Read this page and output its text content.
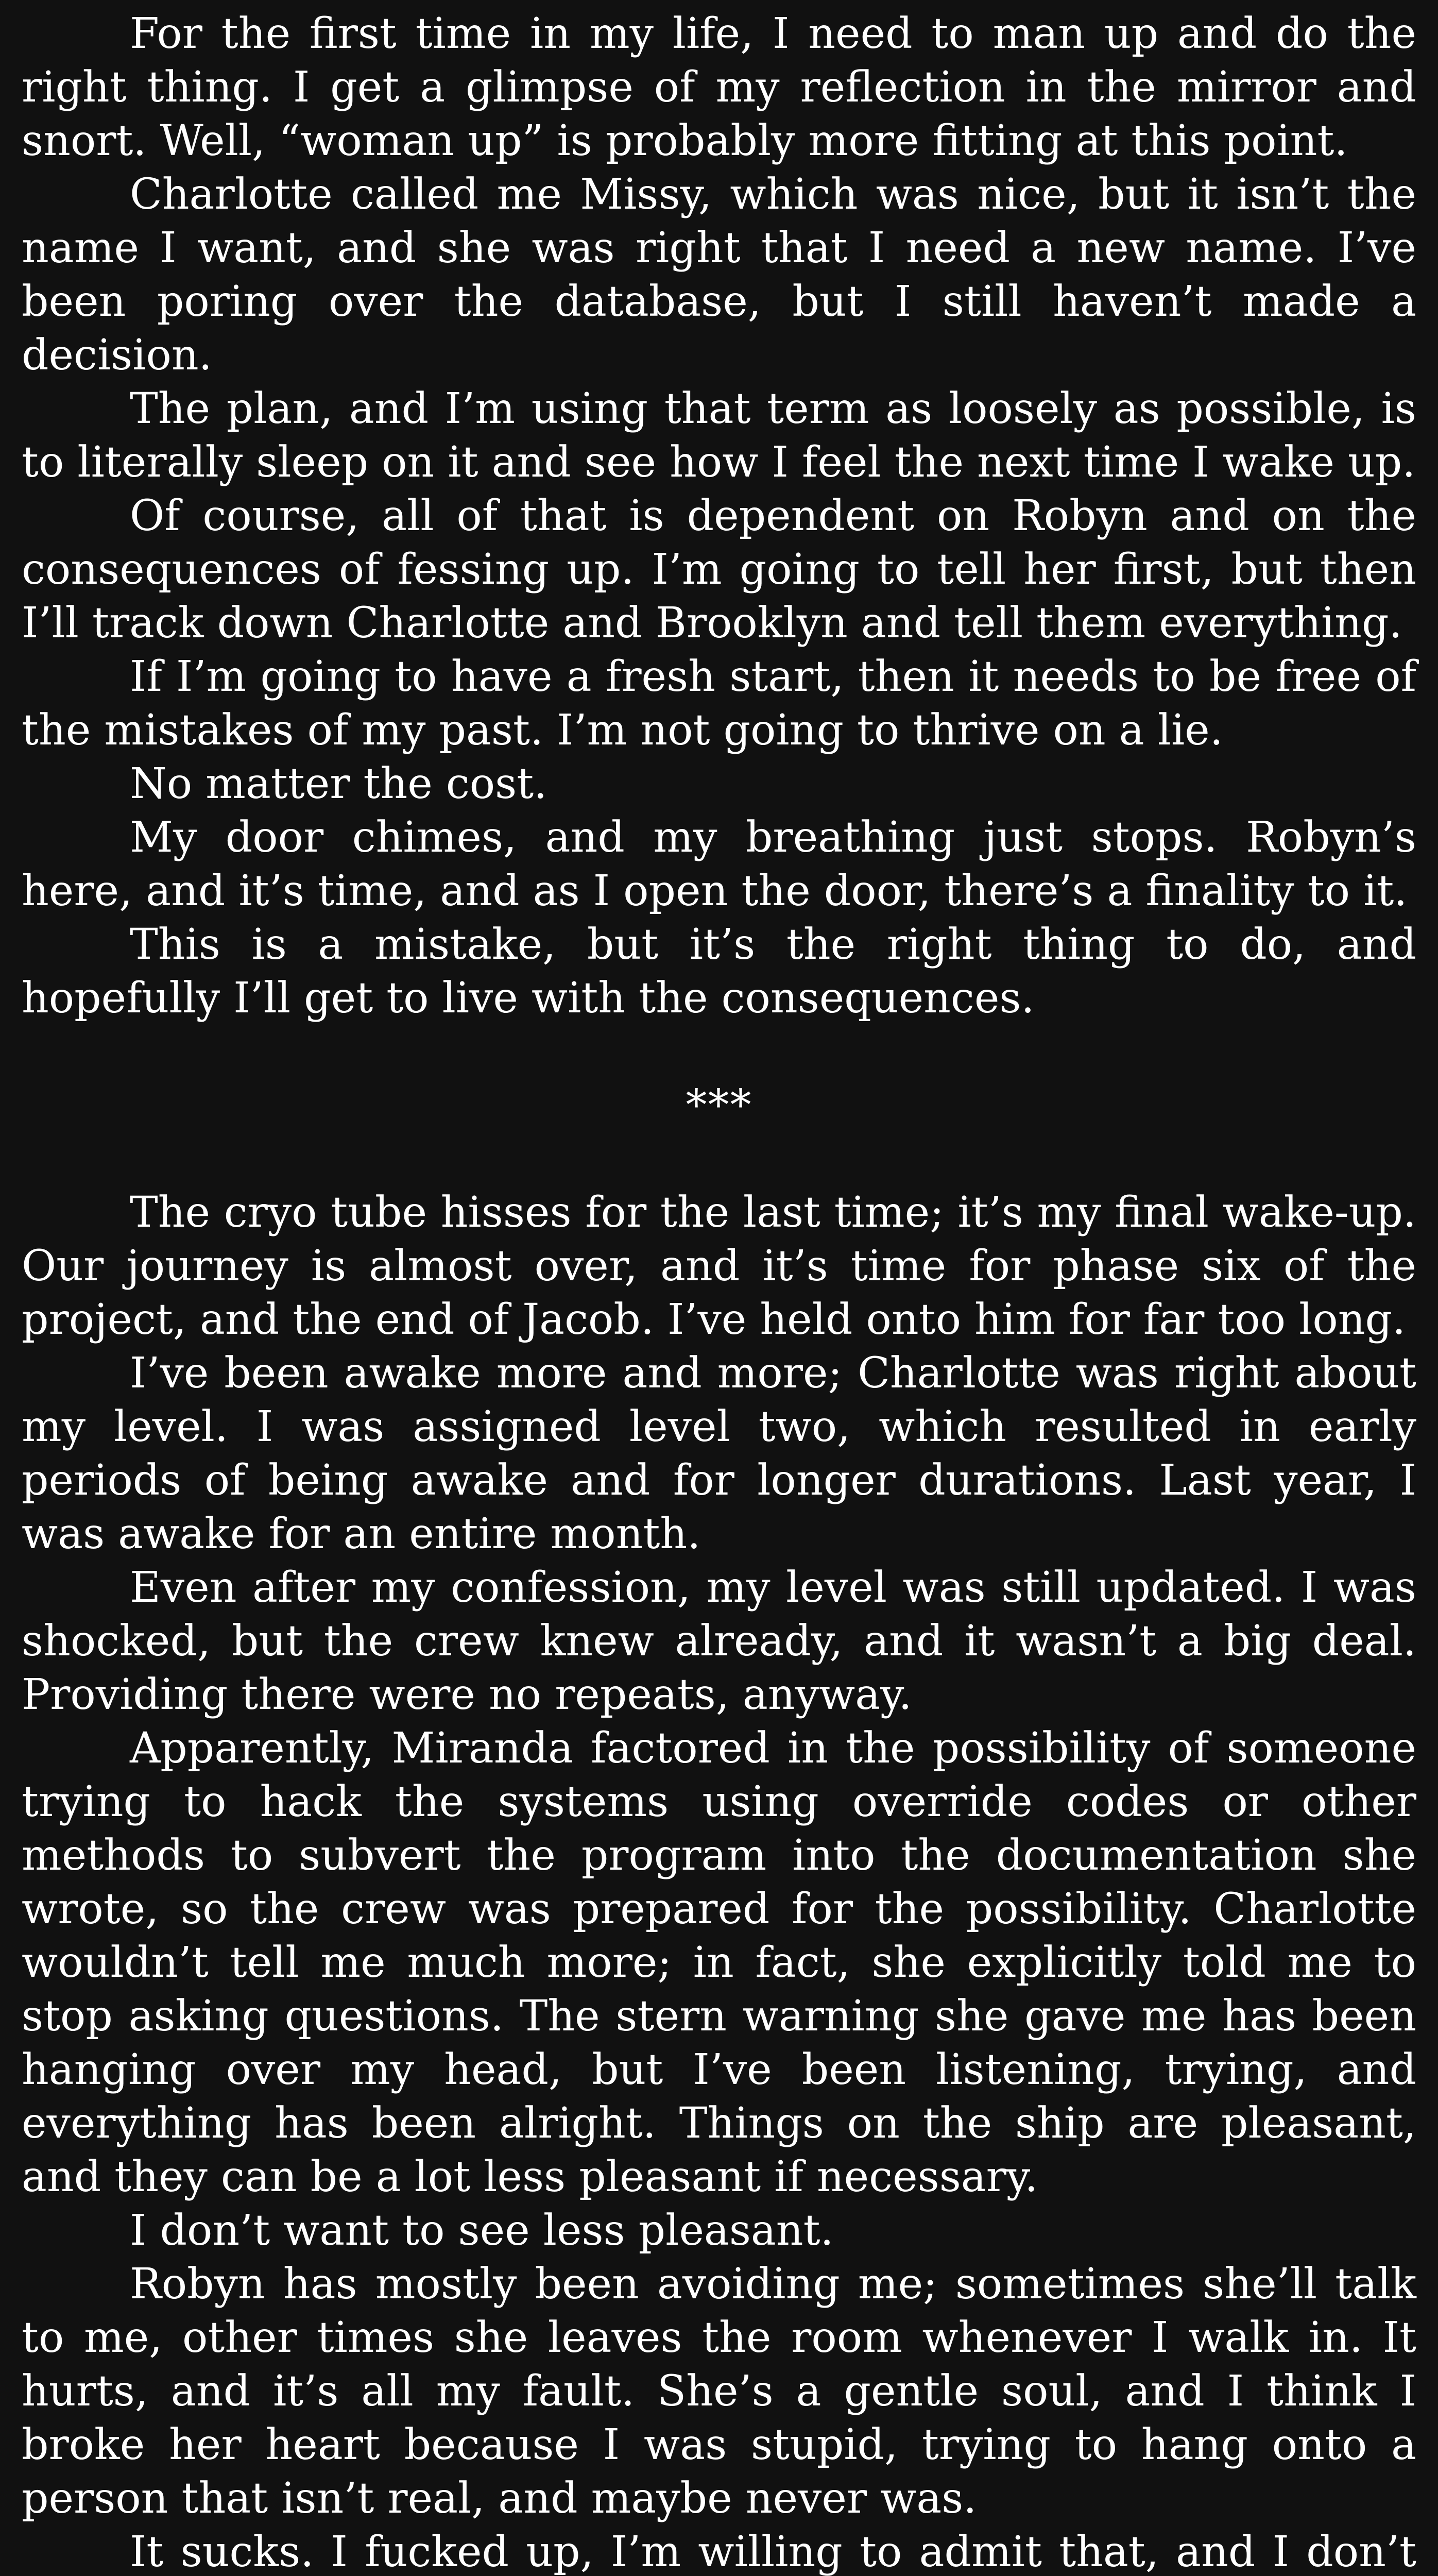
For the first time in my life, I need to man up and do the right thing. I get a glimpse of my reflection in the mirror and snort. Well, “woman up” is probably more fitting at this point.

Charlotte called me Missy, which was nice, but it isn’t the name I want, and she was right that I need a new name. I’ve been poring over the database, but I still haven’t made a decision.

The plan, and I’m using that term as loosely as possible, is to literally sleep on it and see how I feel the next time I wake up.

Of course, all of that is dependent on Robyn and on the consequences of fessing up. I’m going to tell her first, but then I’ll track down Charlotte and Brooklyn and tell them everything.

If I’m going to have a fresh start, then it needs to be free of the mistakes of my past. I’m not going to thrive on a lie.

No matter the cost.

My door chimes, and my breathing just stops. Robyn’s here, and it’s time, and as I open the door, there’s a finality to it.

This is a mistake, but it’s the right thing to do, and hopefully I’ll get to live with the consequences.

***

The cryo tube hisses for the last time; it’s my final wake-up. Our journey is almost over, and it’s time for phase six of the project, and the end of Jacob. I’ve held onto him for far too long.

I’ve been awake more and more; Charlotte was right about my level. I was assigned level two, which resulted in early periods of being awake and for longer durations. Last year, I was awake for an entire month.

Even after my confession, my level was still updated. I was shocked, but the crew knew already, and it wasn’t a big deal. Providing there were no repeats, anyway.

Apparently, Miranda factored in the possibility of someone trying to hack the systems using override codes or other methods to subvert the program into the documentation she wrote, so the crew was prepared for the possibility. Charlotte wouldn’t tell me much more; in fact, she explicitly told me to stop asking questions. The stern warning she gave me has been hanging over my head, but I’ve been listening, trying, and everything has been alright. Things on the ship are pleasant, and they can be a lot less pleasant if necessary.

I don’t want to see less pleasant.

Robyn has mostly been avoiding me; sometimes she’ll talk to me, other times she leaves the room whenever I walk in. It hurts, and it’s all my fault. She’s a gentle soul, and I think I broke her heart because I was stupid, trying to hang onto a person that isn’t real, and maybe never was.

It sucks. I fucked up, I’m willing to admit that, and I don’t
